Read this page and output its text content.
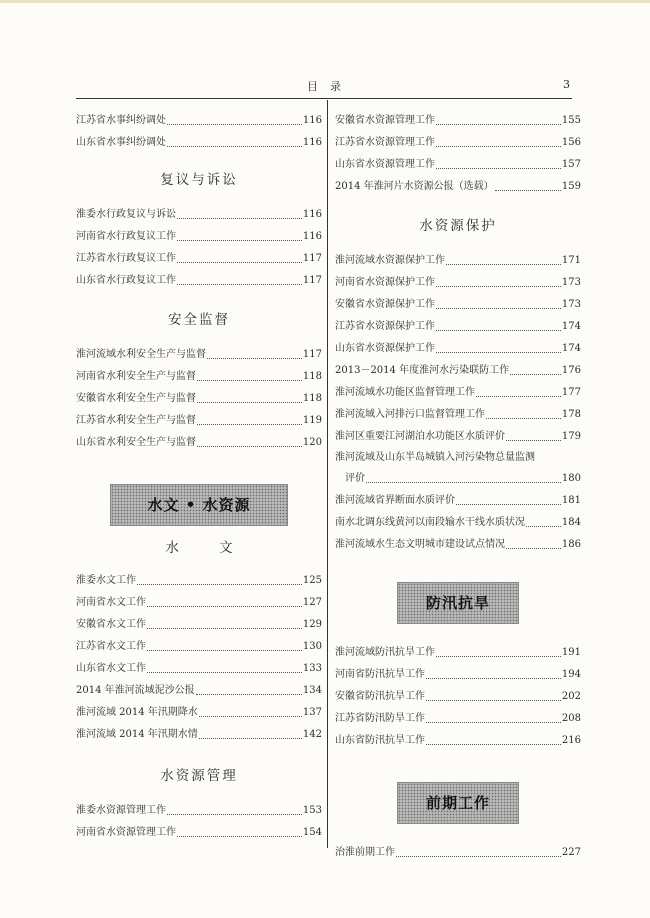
目录	3
江苏省水事纠纷调处	116
山东省水事纠纷调处	116
复议与诉讼
淮委水行政复议与诉讼	116
河南省水行政复议工作	116
江苏省水行政复议工作	117
山东省水行政复议工作	117
安全监督
淮河流域水利安全生产与监督	117
河南省水利安全生产与监督	118
安徽省水利安全生产与监督	118
江苏省水利安全生产与监督	119
山东省水利安全生产与监督	120
水文 • 水资源
水 文
淮委水文工作	125
河南省水文工作	127
安徽省水文工作	129
江苏省水文工作	130
山东省水文工作	133
2014 年淮河流域泥沙公报	134
淮河流域 2014 年汛期降水	137
淮河流域 2014 年汛期水情	142
水资源管理
淮委水资源管理工作	153
河南省水资源管理工作	154
安徽省水资源管理工作	155
江苏省水资源管理工作	156
山东省水资源管理工作	157
2014 年淮河片水资源公报（选载）	159
水资源保护
淮河流域水资源保护工作	171
河南省水资源保护工作	173
安徽省水资源保护工作	173
江苏省水资源保护工作	174
山东省水资源保护工作	174
2013－2014 年度淮河水污染联防工作	176
淮河流域水功能区监督管理工作	177
淮河流域入河排污口监督管理工作	178
淮河区重要江河湖泊水功能区水质评价	179
淮河流域及山东半岛城镇入河污染物总量监测
评价	180
淮河流域省界断面水质评价	181
南水北调东线黄河以南段输水干线水质状况	184
淮河流域水生态文明城市建设试点情况	186
防汛抗旱
淮河流域防汛抗旱工作	191
河南省防汛抗旱工作	194
安徽省防汛抗旱工作	202
江苏省防汛防旱工作	208
山东省防汛抗旱工作	216
前期工作
治淮前期工作	227
